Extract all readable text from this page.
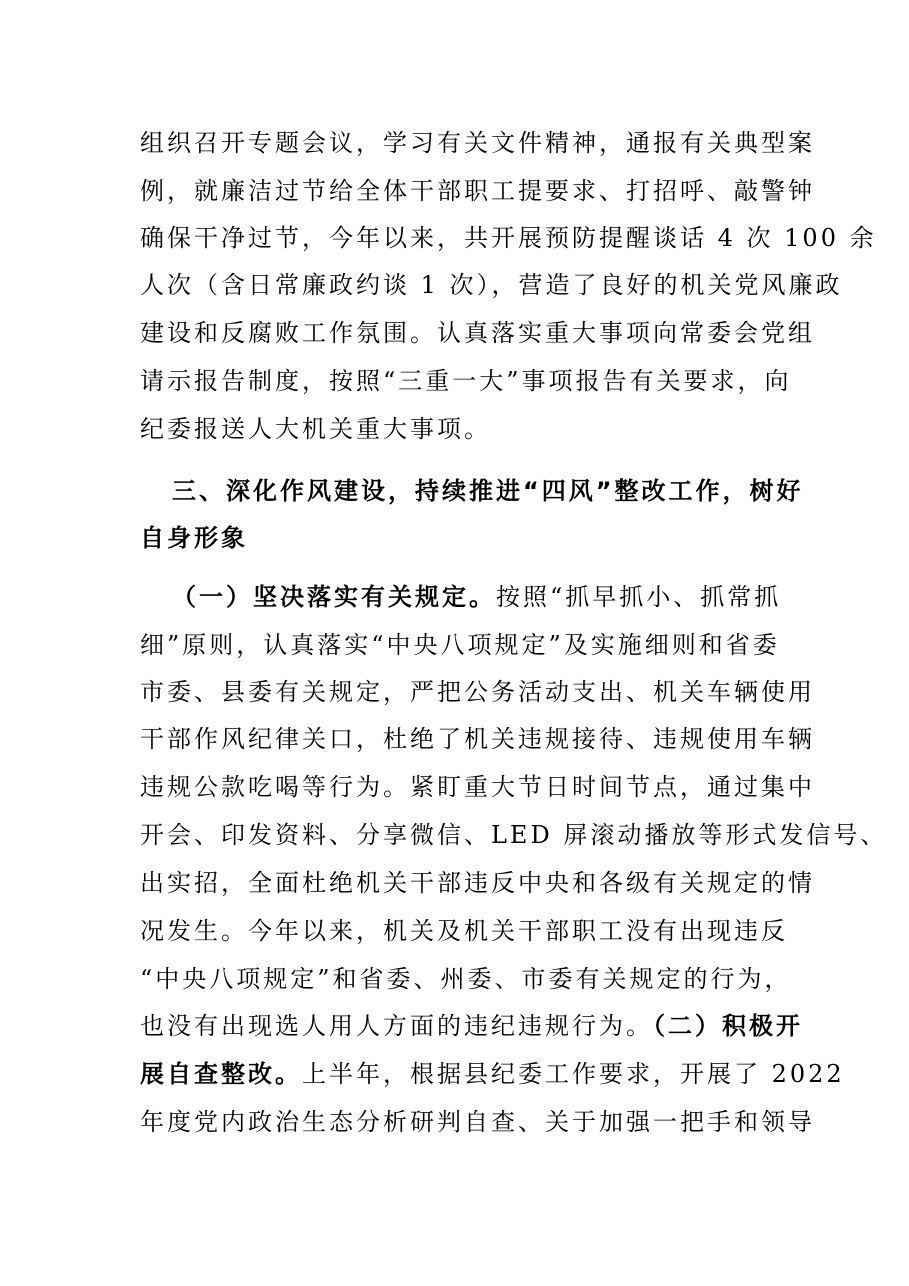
组织召开专题会议，学习有关文件精神，通报有关典型案
例，就廉洁过节给全体干部职工提要求、打招呼、敲警钟
确保干净过节，今年以来，共开展预防提醒谈话 4 次 100 余
人次（含日常廉政约谈 1 次），营造了良好的机关党风廉政
建设和反腐败工作氛围。认真落实重大事项向常委会党组
请示报告制度，按照“三重一大”事项报告有关要求，向
纪委报送人大机关重大事项。
三、深化作风建设，持续推进“四风”整改工作，树好
自身形象
（一）坚决落实有关规定。按照“抓早抓小、抓常抓
细”原则，认真落实“中央八项规定”及实施细则和省委
市委、县委有关规定，严把公务活动支出、机关车辆使用
干部作风纪律关口，杜绝了机关违规接待、违规使用车辆
违规公款吃喝等行为。紧盯重大节日时间节点，通过集中
开会、印发资料、分享微信、LED 屏滚动播放等形式发信号、
出实招，全面杜绝机关干部违反中央和各级有关规定的情
况发生。今年以来，机关及机关干部职工没有出现违反
“中央八项规定”和省委、州委、市委有关规定的行为，
也没有出现选人用人方面的违纪违规行为。（二）积极开
展自查整改。上半年，根据县纪委工作要求，开展了 2022
年度党内政治生态分析研判自查、关于加强一把手和领导
